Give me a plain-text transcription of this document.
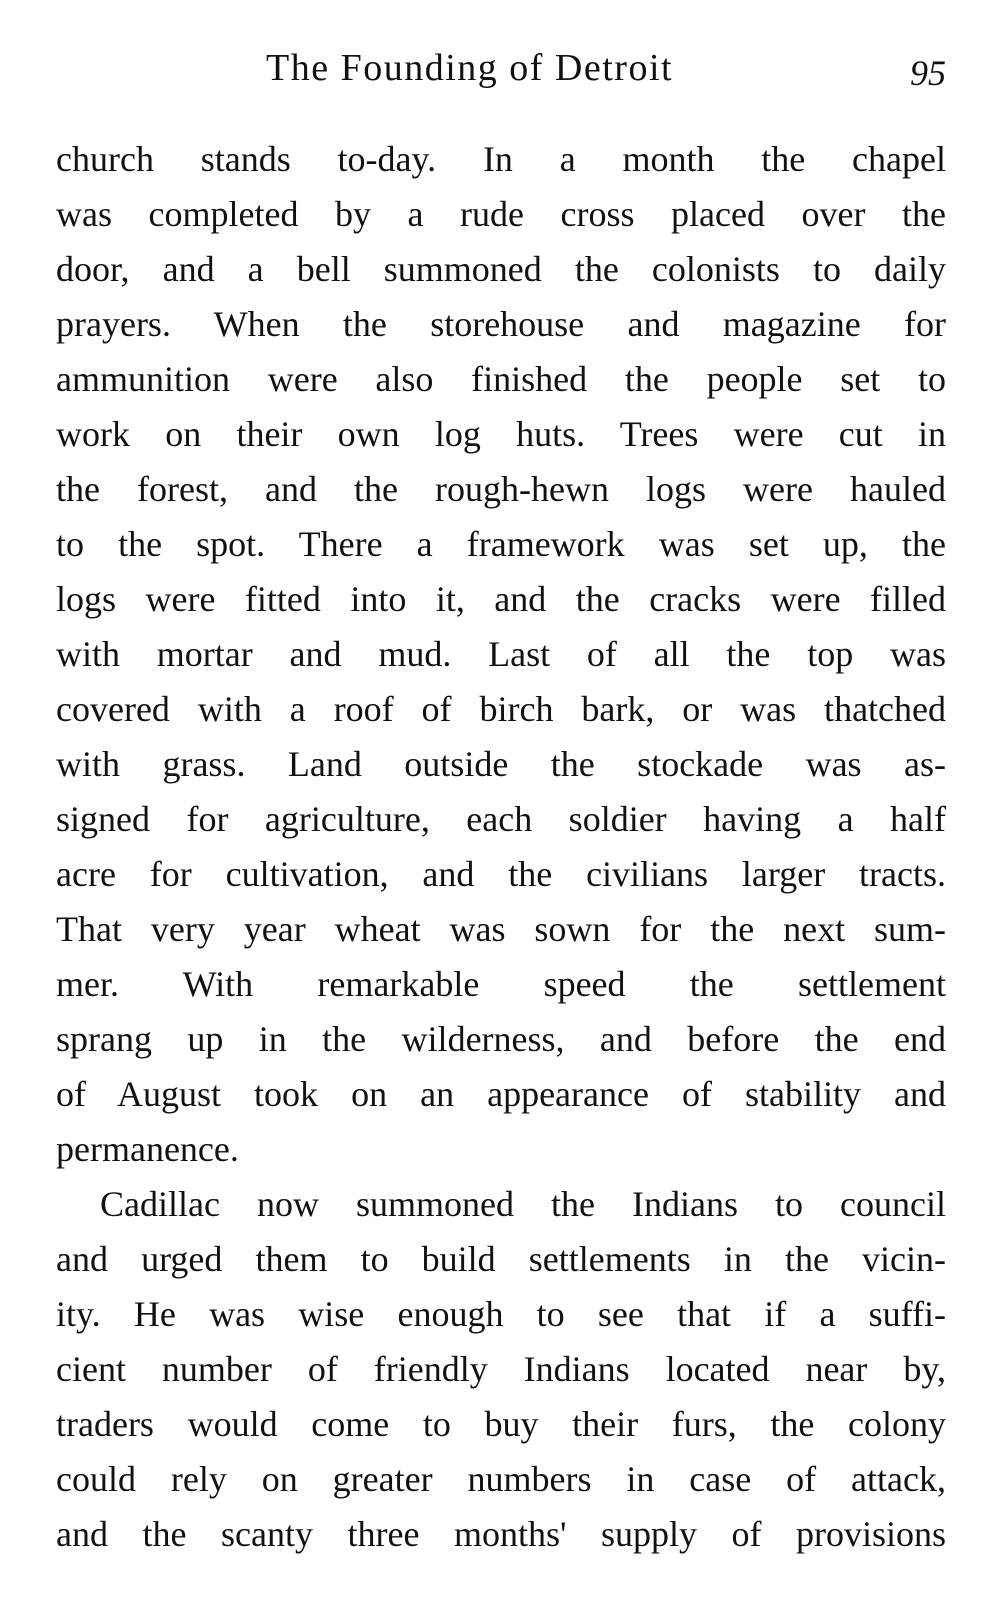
The Founding of Detroit	95
church stands to-day. In a month the chapel
was completed by a rude cross placed over the
door, and a bell summoned the colonists to daily
prayers. When the storehouse and magazine for
ammunition were also finished the people set to
work on their own log huts. Trees were cut in
the forest, and the rough-hewn logs were hauled
to the spot. There a framework was set up, the
logs were fitted into it, and the cracks were filled
with mortar and mud. Last of all the top was
covered with a roof of birch bark, or was thatched
with grass. Land outside the stockade was as-
signed for agriculture, each soldier having a half
acre for cultivation, and the civilians larger tracts.
That very year wheat was sown for the next sum-
mer. With remarkable speed the settlement
sprang up in the wilderness, and before the end
of August took on an appearance of stability and
permanence.
Cadillac now summoned the Indians to council
and urged them to build settlements in the vicin-
ity. He was wise enough to see that if a suffi-
cient number of friendly Indians located near by,
traders would come to buy their furs, the colony
could rely on greater numbers in case of attack,
and the scanty three months' supply of provisions
